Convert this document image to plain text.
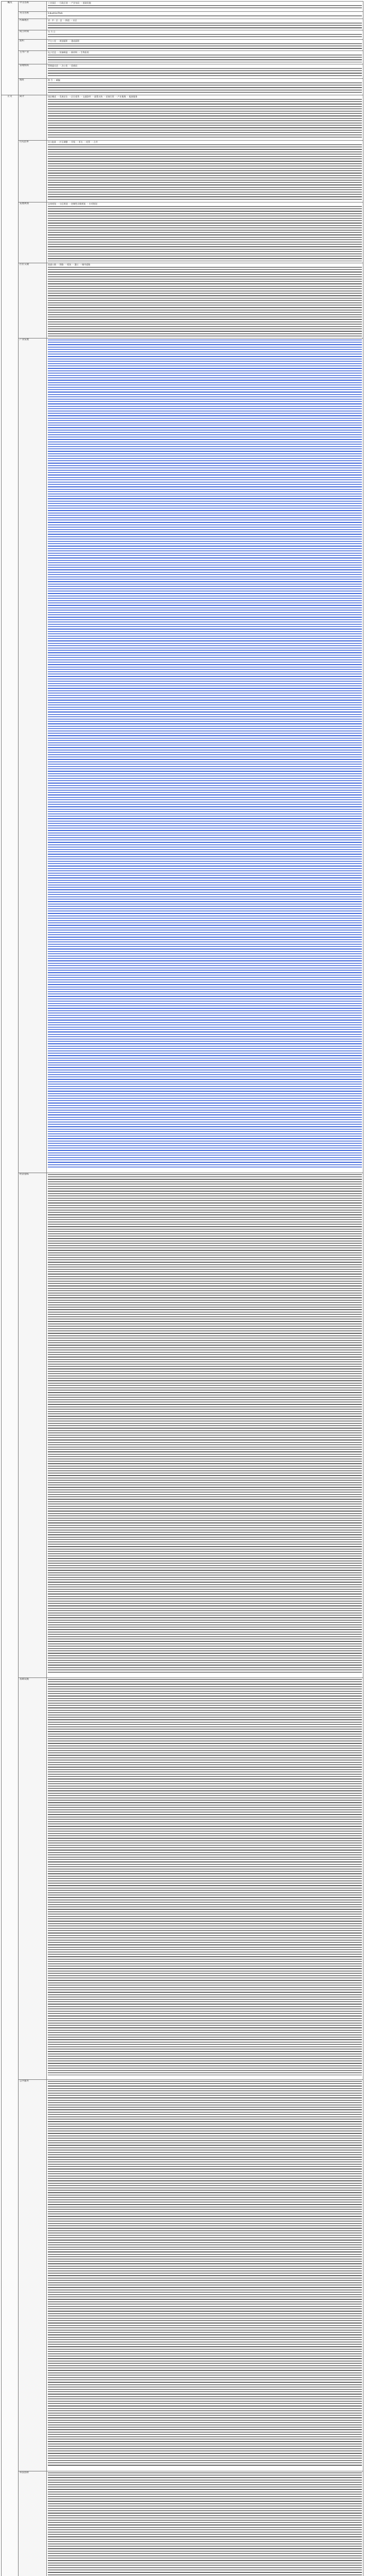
概况	中文名称	工业园区 一 行政区划 一 产业布局 一 基础设施

	英文名称	Industrial Park

	所属地区	省 · 市 · 区 · 县 一 街道 一 社区

	成立时间	年 月 日

	面积	平方公里 一 规划面积 一 建成面积

	主导产业	电子信息 一 装备制造 一 新材料 一 生物医药

	管理机构	管理委员会 一 办公室 一 招商局

	地址	路 号 一 邮编

正文	简介	园区概述 一 发展定位 一 区位优势 一 交通条件 一 政策支持 一 招商引资 一 产业集聚 一 配套服务

	历史沿革	设立批准 一 扩区调整 一 升级 一 更名 一 托管 一 合并

	发展规划	总体规划 一 分区规划 一 控制性详细规划 一 专项规划

	区位交通	高速公路 一 铁路 一 机场 一 港口 一 城市道路

	产业发展	

	经济指标	

	基础设施	

	公共服务	

	科技创新	
